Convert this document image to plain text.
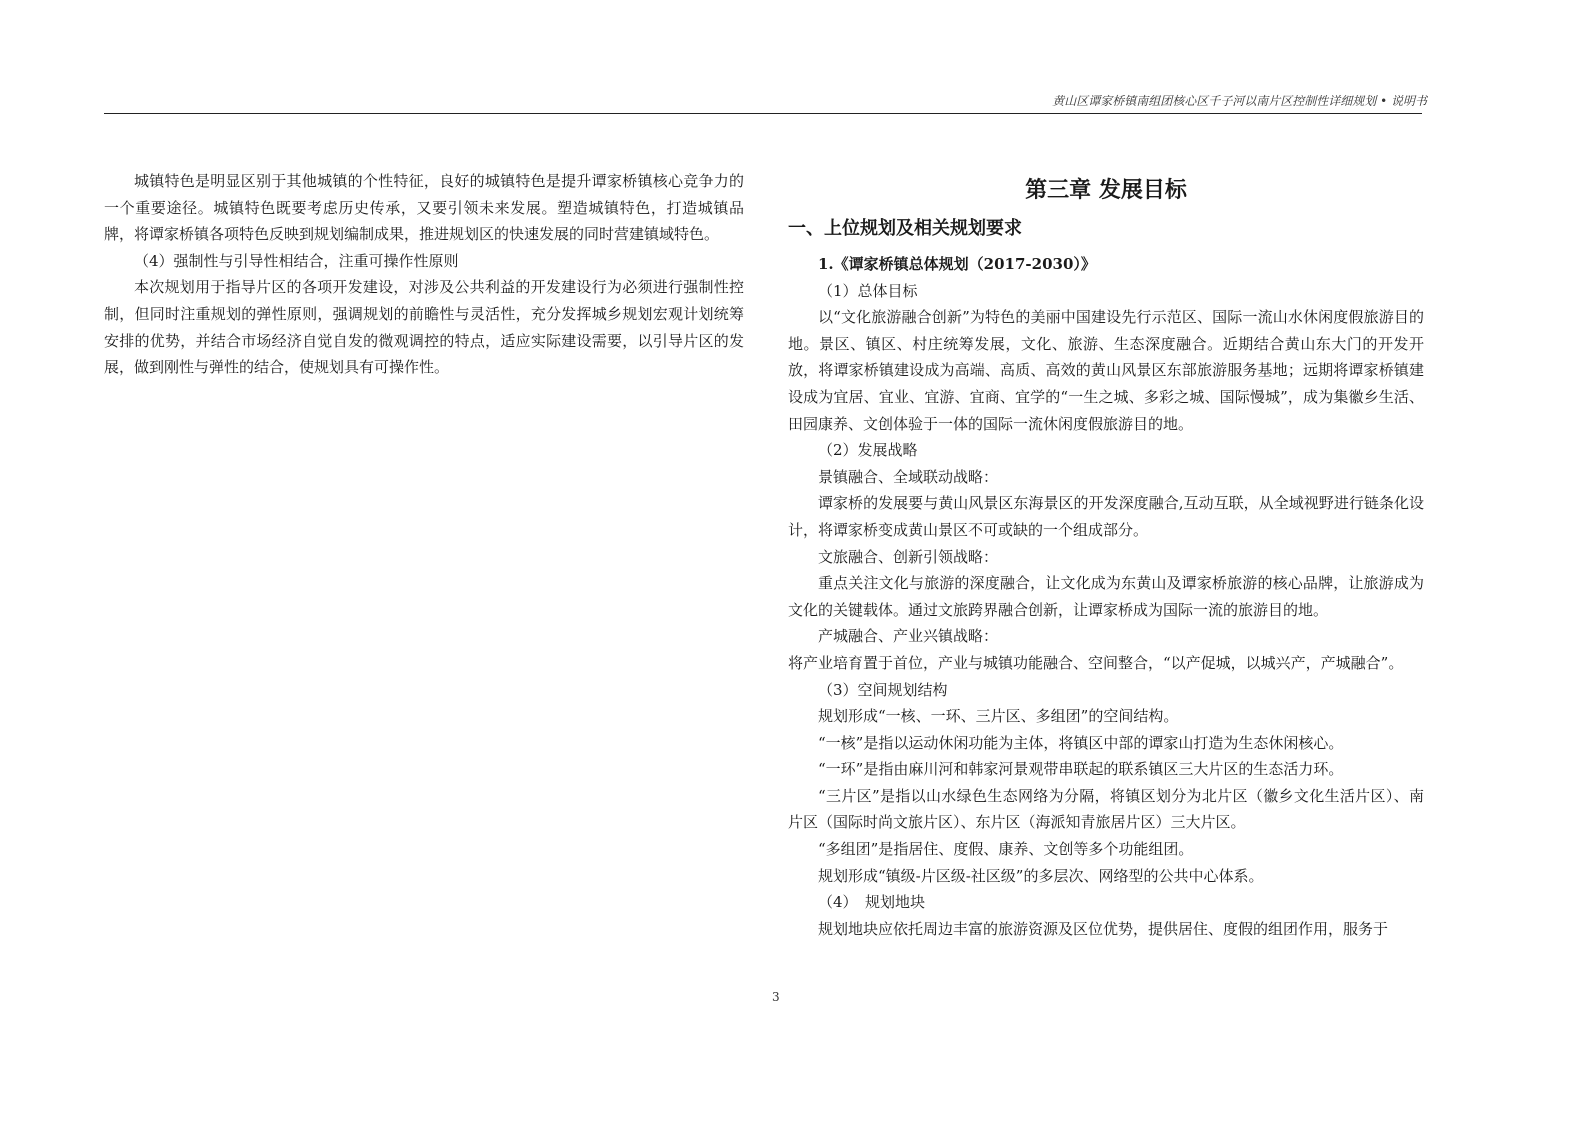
黄山区谭家桥镇南组团核心区千子河以南片区控制性详细规划 • 说明书

城镇特色是明显区别于其他城镇的个性特征，良好的城镇特色是提升谭家桥镇核心竞争力的一个重要途径。城镇特色既要考虑历史传承，又要引领未来发展。塑造城镇特色，打造城镇品牌，将谭家桥镇各项特色反映到规划编制成果，推进规划区的快速发展的同时营建镇域特色。

（4）强制性与引导性相结合，注重可操作性原则

本次规划用于指导片区的各项开发建设，对涉及公共利益的开发建设行为必须进行强制性控制，但同时注重规划的弹性原则，强调规划的前瞻性与灵活性，充分发挥城乡规划宏观计划统筹安排的优势，并结合市场经济自觉自发的微观调控的特点，适应实际建设需要，以引导片区的发展，做到刚性与弹性的结合，使规划具有可操作性。

第三章 发展目标
一、上位规划及相关规划要求

1.《谭家桥镇总体规划（2017-2030）》

（1）总体目标

以“文化旅游融合创新”为特色的美丽中国建设先行示范区、国际一流山水休闲度假旅游目的地。景区、镇区、村庄统筹发展，文化、旅游、生态深度融合。近期结合黄山东大门的开发开放，将谭家桥镇建设成为高端、高质、高效的黄山风景区东部旅游服务基地；远期将谭家桥镇建设成为宜居、宜业、宜游、宜商、宜学的“一生之城、多彩之城、国际慢城”，成为集徽乡生活、田园康养、文创体验于一体的国际一流休闲度假旅游目的地。

（2）发展战略

景镇融合、全域联动战略：

谭家桥的发展要与黄山风景区东海景区的开发深度融合,互动互联，从全域视野进行链条化设计，将谭家桥变成黄山景区不可或缺的一个组成部分。

文旅融合、创新引领战略：

重点关注文化与旅游的深度融合，让文化成为东黄山及谭家桥旅游的核心品牌，让旅游成为文化的关键载体。通过文旅跨界融合创新，让谭家桥成为国际一流的旅游目的地。

产城融合、产业兴镇战略：

将产业培育置于首位，产业与城镇功能融合、空间整合，“以产促城，以城兴产，产城融合”。

（3）空间规划结构

规划形成“一核、一环、三片区、多组团”的空间结构。

“一核”是指以运动休闲功能为主体，将镇区中部的谭家山打造为生态休闲核心。

“一环”是指由麻川河和韩家河景观带串联起的联系镇区三大片区的生态活力环。

“三片区”是指以山水绿色生态网络为分隔，将镇区划分为北片区（徽乡文化生活片区）、南片区（国际时尚文旅片区）、东片区（海派知青旅居片区）三大片区。

“多组团”是指居住、度假、康养、文创等多个功能组团。

规划形成“镇级-片区级-社区级”的多层次、网络型的公共中心体系。

（4）　规划地块

规划地块应依托周边丰富的旅游资源及区位优势，提供居住、度假的组团作用，服务于

3
